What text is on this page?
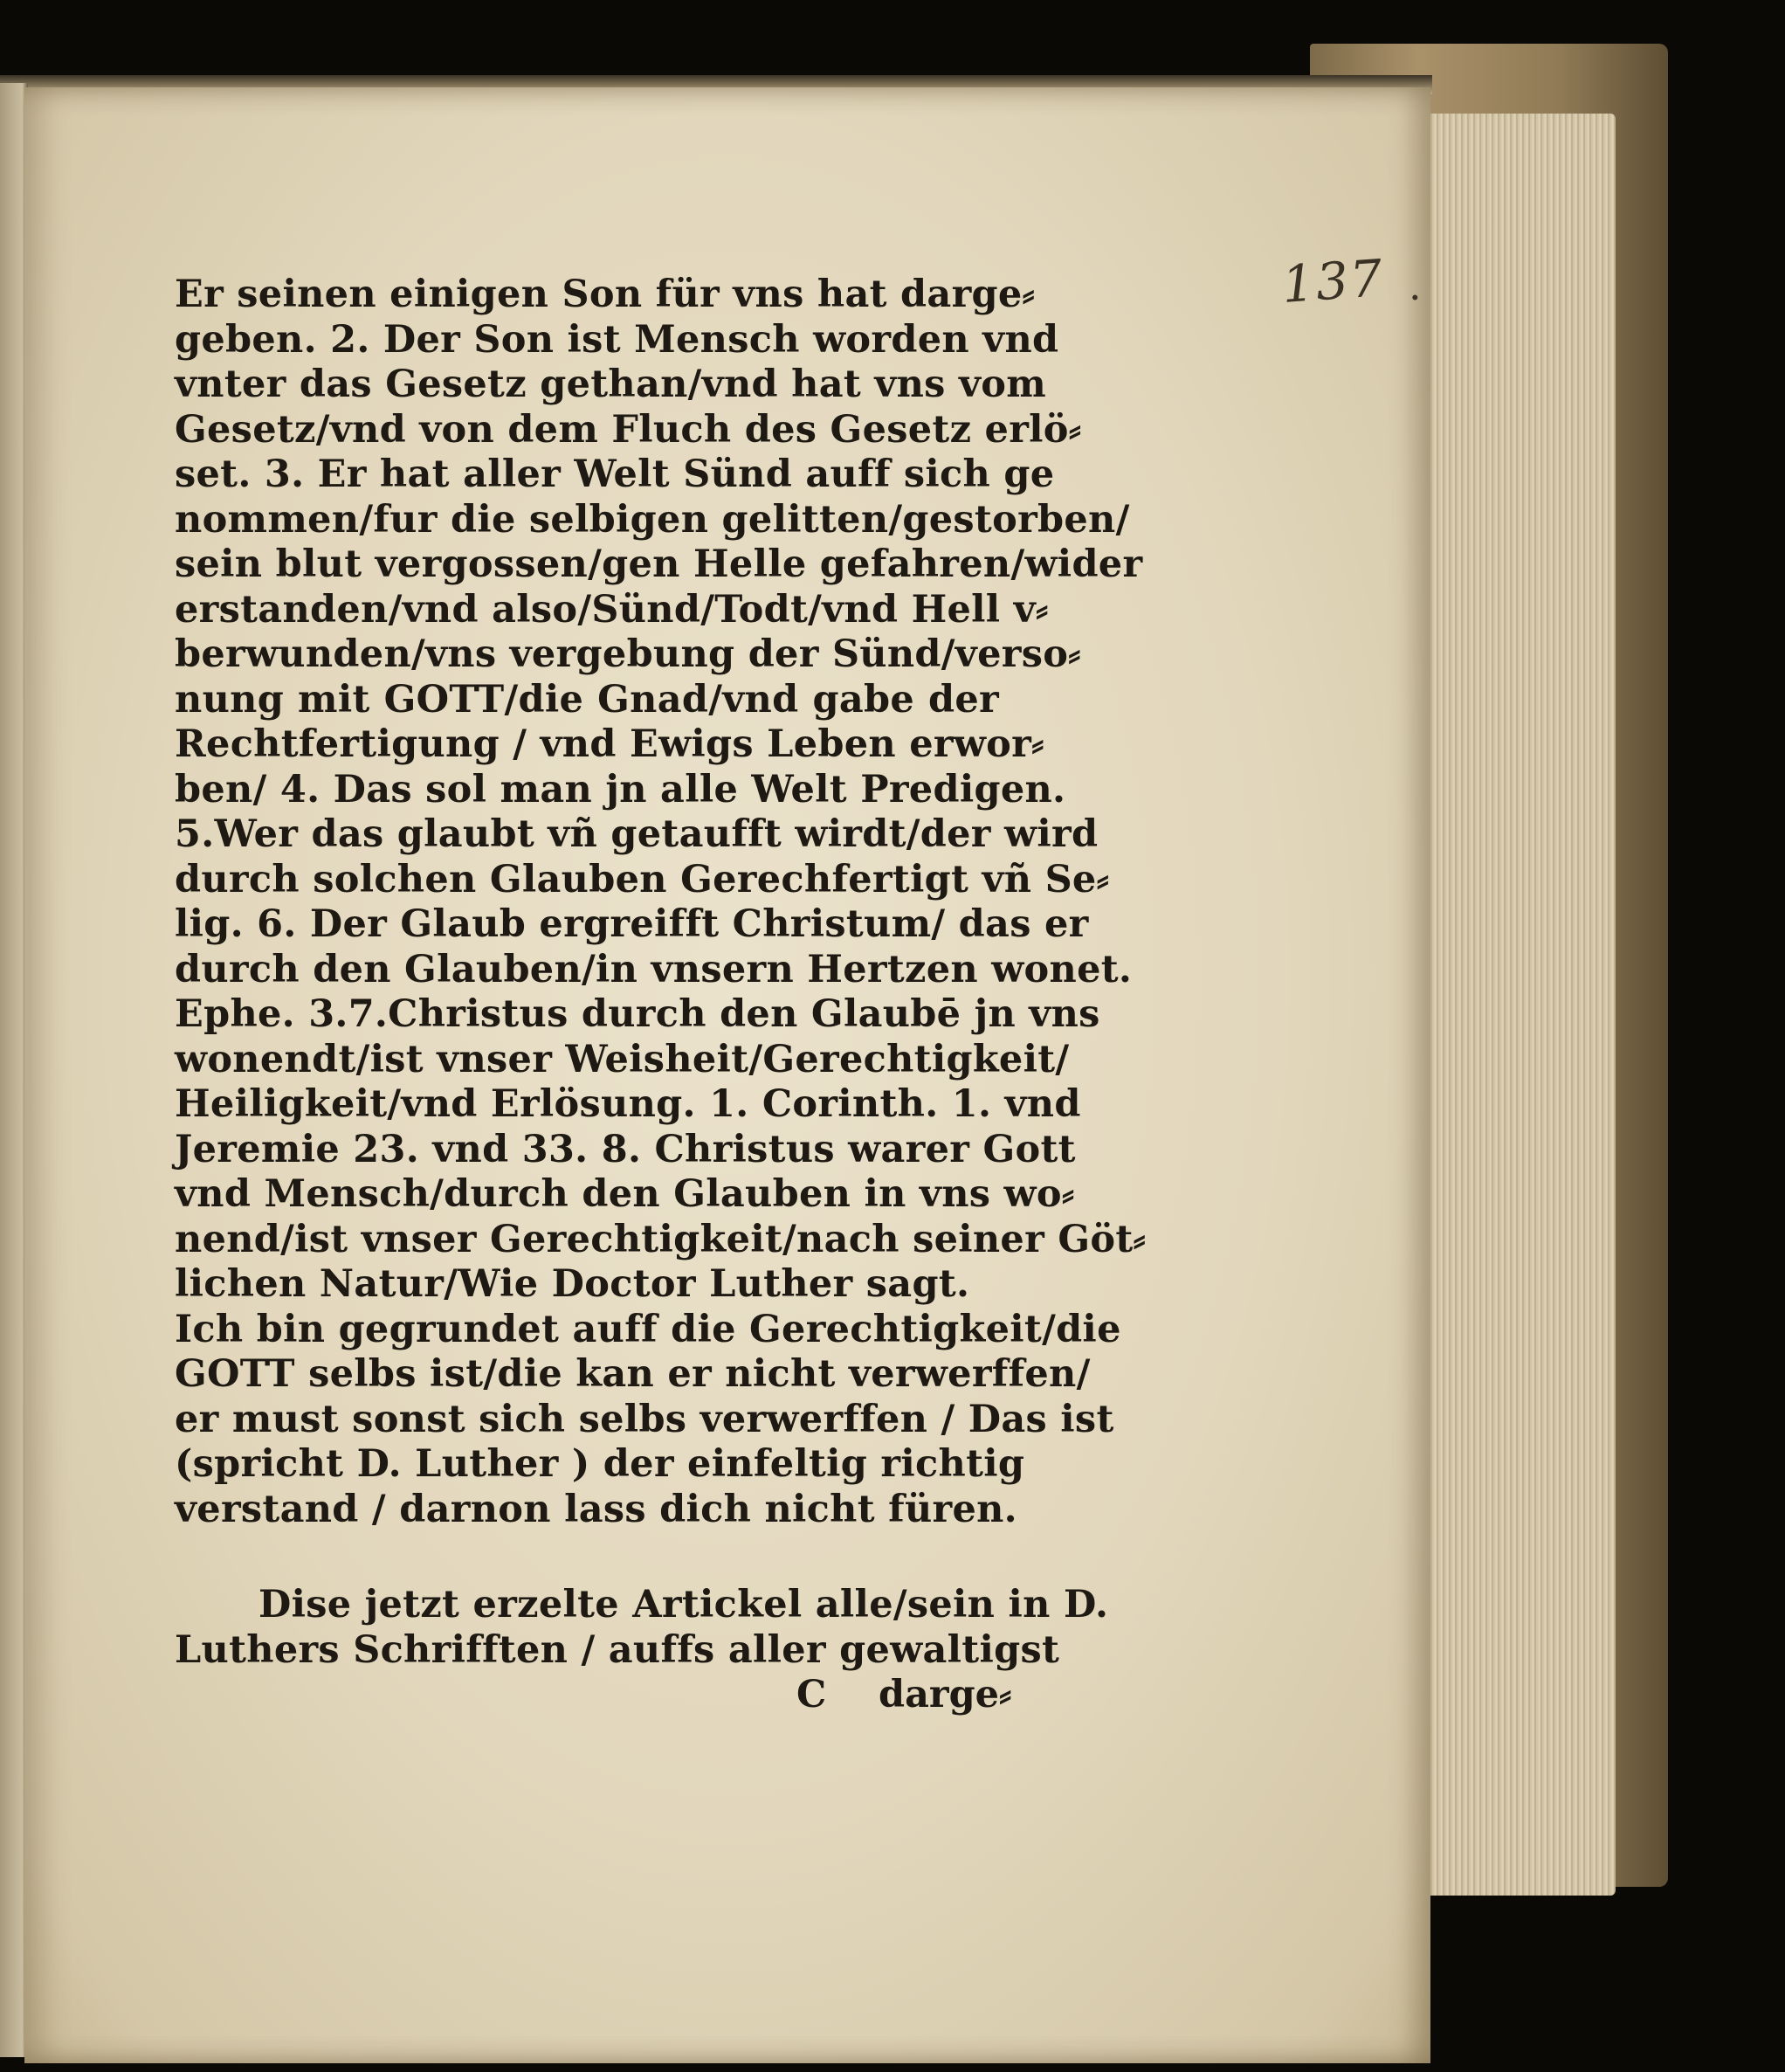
137 .
Er seinen einigen Son für vns hat darge⸗
geben. 2. Der Son ist Mensch worden vnd
vnter das Gesetz gethan/vnd hat vns vom
Gesetz/vnd von dem Fluch des Gesetz erlö⸗
set. 3. Er hat aller Welt Sünd auff sich ge
nommen/fur die selbigen gelitten/gestorben/
sein blut vergossen/gen Helle gefahren/wider
erstanden/vnd also/Sünd/Todt/vnd Hell v⸗
berwunden/vns vergebung der Sünd/verso⸗
nung mit GOTT/die Gnad/vnd gabe der
Rechtfertigung / vnd Ewigs Leben erwor⸗
ben/ 4. Das sol man jn alle Welt Predigen.
5.Wer das glaubt vñ getaufft wirdt/der wird
durch solchen Glauben Gerechfertigt vñ Se⸗
lig. 6. Der Glaub ergreifft Christum/ das er
durch den Glauben/in vnsern Hertzen wonet.
Ephe. 3.7.Christus durch den Glaubē jn vns
wonendt/ist vnser Weisheit/Gerechtigkeit/
Heiligkeit/vnd Erlösung. 1. Corinth. 1. vnd
Jeremie 23. vnd 33. 8. Christus warer Gott
vnd Mensch/durch den Glauben in vns wo⸗
nend/ist vnser Gerechtigkeit/nach seiner Göt⸗
lichen Natur/Wie Doctor Luther sagt.
Ich bin gegrundet auff die Gerechtigkeit/die
GOTT selbs ist/die kan er nicht verwerffen/
er must sonst sich selbs verwerffen / Das ist
(spricht D. Luther ) der einfeltig richtig
verstand / darnon lass dich nicht füren.
Dise jetzt erzelte Artickel alle/sein in D.
Luthers Schrifften / auffs aller gewaltigst
C darge⸗
